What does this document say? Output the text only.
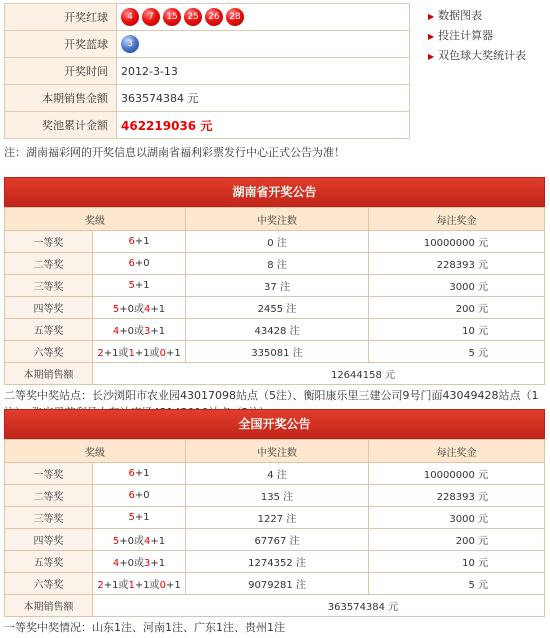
开奖红球	4 7 15 25 26 28
开奖蓝球	3
开奖时间	2012-3-13
本期销售金额	363574384 元
奖池累计金额	462219036 元
▶ 数据图表
▶ 投注计算器
▶ 双色球大奖统计表
注：湖南福彩网的开奖信息以湖南省福利彩票发行中心正式公告为准！
湖南省开奖公告
奖级		中奖注数	每注奖金
一等奖	6+1	0 注	10000000 元
二等奖	6+0	8 注	228393 元
三等奖	5+1	37 注	3000 元
四等奖	5+0或4+1	2455 注	200 元
五等奖	4+0或3+1	43428 注	10 元
六等奖	2+1或1+1或0+1	335081 注	5 元
本期销售额	12644158 元		
二等奖中奖站点：长沙浏阳市农业园43017098站点（5注）、衡阳康乐里三建公司9号门面43049428站点（1
全国开奖公告
奖级		中奖注数	每注奖金
一等奖	6+1	4 注	10000000 元
二等奖	6+0	135 注	228393 元
三等奖	5+1	1227 注	3000 元
四等奖	5+0或4+1	67767 注	200 元
五等奖	4+0或3+1	1274352 注	10 元
六等奖	2+1或1+1或0+1	9079281 注	5 元
本期销售额	363574384 元		
一等奖中奖情况：山东1注、河南1注、广东1注、贵州1注
